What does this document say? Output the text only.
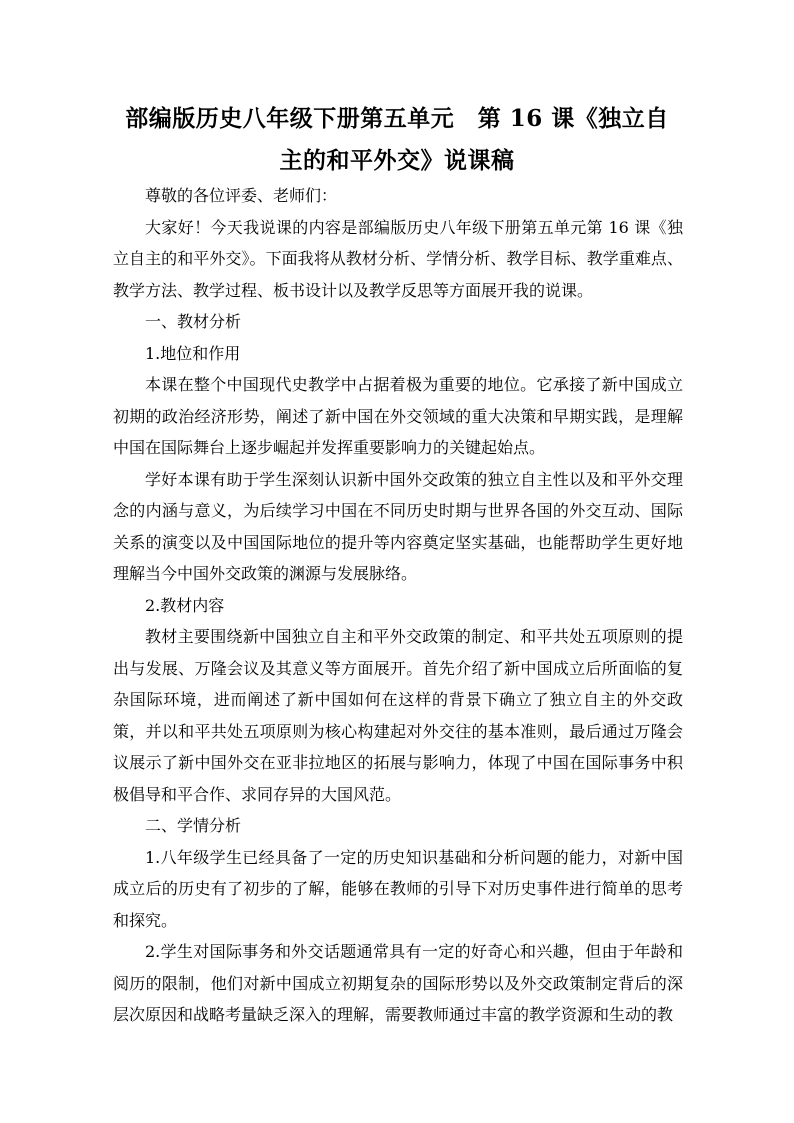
部编版历史八年级下册第五单元　第 16 课《独立自
主的和平外交》说课稿

尊敬的各位评委、老师们：

大家好！今天我说课的内容是部编版历史八年级下册第五单元第 16 课《独立自主的和平外交》。下面我将从教材分析、学情分析、教学目标、教学重难点、教学方法、教学过程、板书设计以及教学反思等方面展开我的说课。

一、教材分析

1.地位和作用

本课在整个中国现代史教学中占据着极为重要的地位。它承接了新中国成立初期的政治经济形势，阐述了新中国在外交领域的重大决策和早期实践，是理解中国在国际舞台上逐步崛起并发挥重要影响力的关键起始点。

学好本课有助于学生深刻认识新中国外交政策的独立自主性以及和平外交理念的内涵与意义，为后续学习中国在不同历史时期与世界各国的外交互动、国际关系的演变以及中国国际地位的提升等内容奠定坚实基础，也能帮助学生更好地理解当今中国外交政策的渊源与发展脉络。

2.教材内容

教材主要围绕新中国独立自主和平外交政策的制定、和平共处五项原则的提出与发展、万隆会议及其意义等方面展开。首先介绍了新中国成立后所面临的复杂国际环境，进而阐述了新中国如何在这样的背景下确立了独立自主的外交政策，并以和平共处五项原则为核心构建起对外交往的基本准则，最后通过万隆会议展示了新中国外交在亚非拉地区的拓展与影响力，体现了中国在国际事务中积极倡导和平合作、求同存异的大国风范。

二、学情分析

1.八年级学生已经具备了一定的历史知识基础和分析问题的能力，对新中国成立后的历史有了初步的了解，能够在教师的引导下对历史事件进行简单的思考和探究。

2.学生对国际事务和外交话题通常具有一定的好奇心和兴趣，但由于年龄和阅历的限制，他们对新中国成立初期复杂的国际形势以及外交政策制定背后的深层次原因和战略考量缺乏深入的理解，需要教师通过丰富的教学资源和生动的教
